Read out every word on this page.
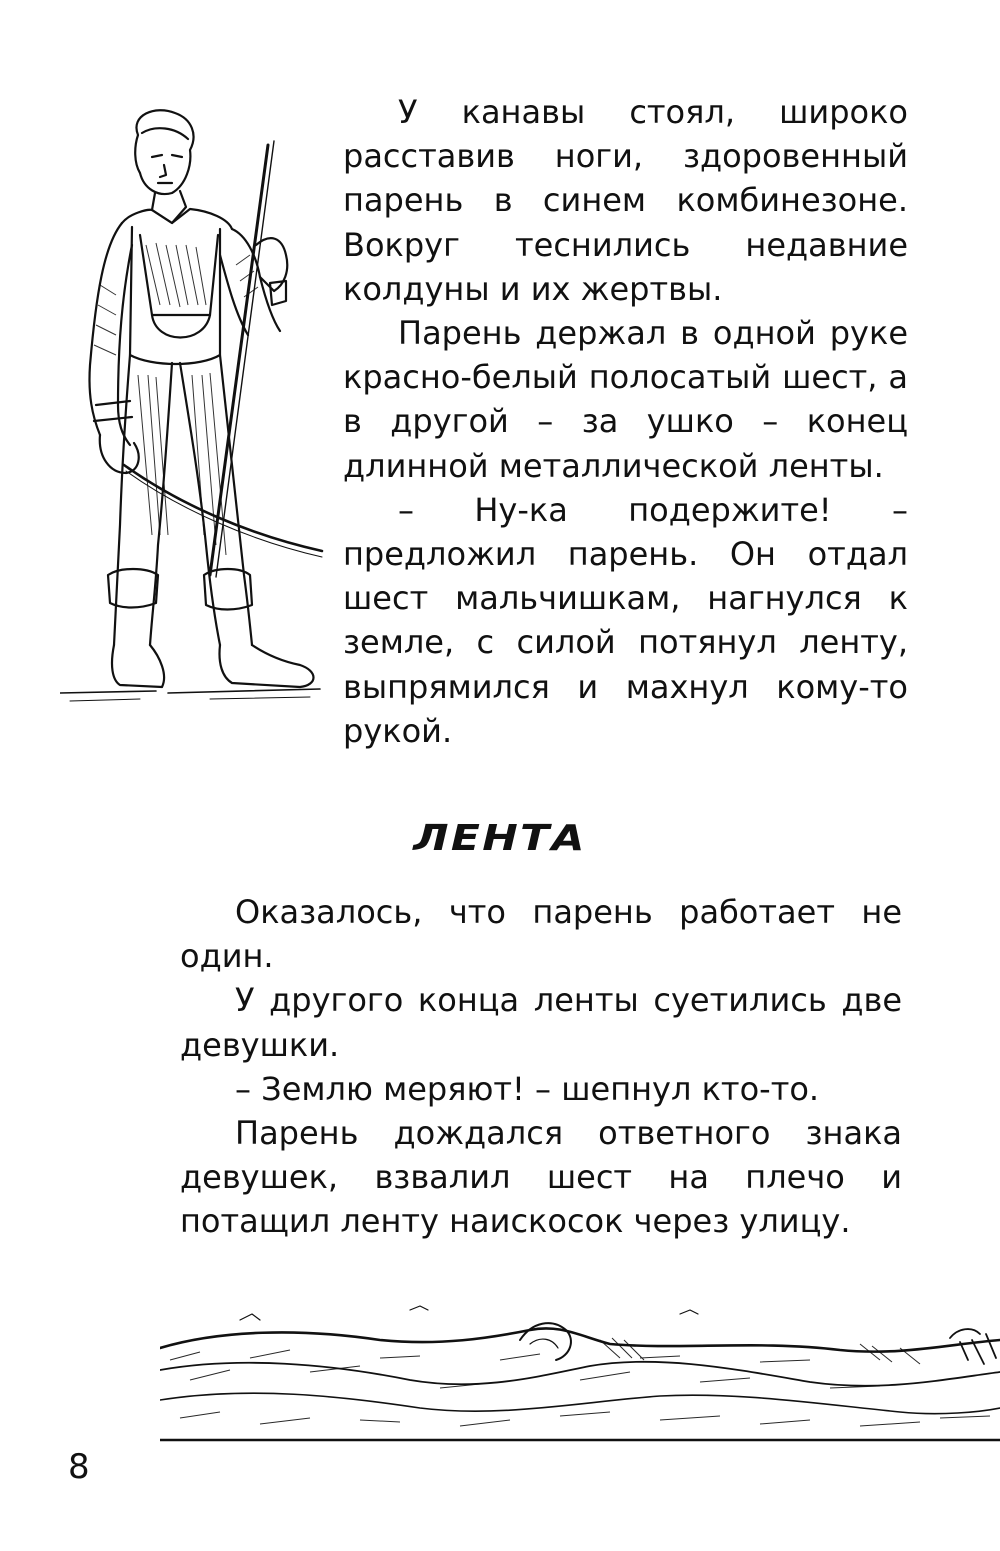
У канавы стоял, широко расставив ноги, здоровенный парень в синем комбинезоне. Вокруг теснились недавние колдуны и их жертвы.

Парень держал в одной руке красно-белый полосатый шест, а в другой – за ушко – конец длинной металлической ленты.

– Ну-ка подержите! – предложил парень. Он отдал шест мальчишкам, нагнулся к земле, с силой потянул ленту, выпрямился и махнул кому-то рукой.

ЛЕНТА

Оказалось, что парень работает не один.

У другого конца ленты суетились две девушки.

– Землю меряют! – шепнул кто-то.

Парень дождался ответного знака девушек, взвалил шест на плечо и потащил ленту наискосок через улицу.

8
